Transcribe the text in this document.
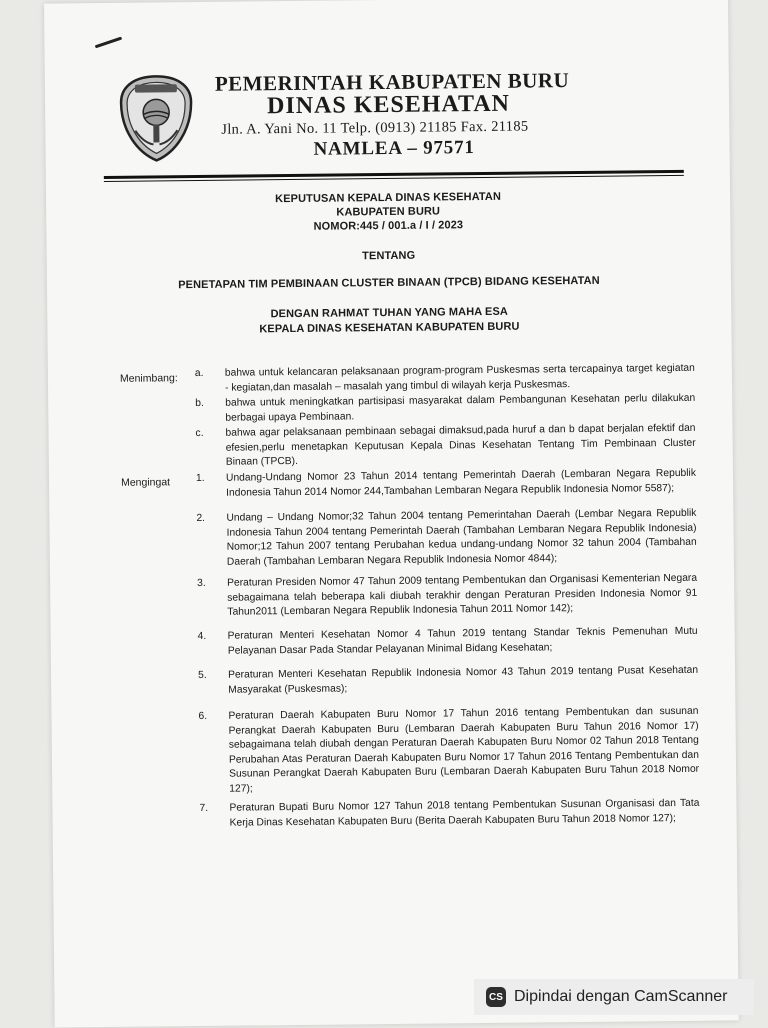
PEMERINTAH KABUPATEN BURU
DINAS KESEHATAN
Jln. A. Yani No. 11 Telp. (0913) 21185 Fax. 21185
NAMLEA – 97571
KEPUTUSAN KEPALA DINAS KESEHATAN
KABUPATEN BURU
NOMOR:445 / 001.a / I / 2023
TENTANG
PENETAPAN TIM PEMBINAAN CLUSTER BINAAN (TPCB) BIDANG KESEHATAN
DENGAN RAHMAT TUHAN YANG MAHA ESA
KEPALA DINAS KESEHATAN KABUPATEN BURU
Menimbang: a.	bahwa untuk kelancaran pelaksanaan program-program Puskesmas serta tercapainya target kegiatan - kegiatan,dan masalah – masalah yang timbul di wilayah kerja Puskesmas.
b.	bahwa untuk meningkatkan partisipasi masyarakat dalam Pembangunan Kesehatan perlu dilakukan berbagai upaya Pembinaan.
c.	bahwa agar pelaksanaan pembinaan sebagai dimaksud,pada huruf a dan b dapat berjalan efektif dan efesien,perlu menetapkan Keputusan Kepala Dinas Kesehatan Tentang Tim Pembinaan Cluster Binaan (TPCB).
Mengingat	1.	Undang-Undang Nomor 23 Tahun 2014 tentang Pemerintah Daerah (Lembaran Negara Republik Indonesia Tahun 2014 Nomor 244,Tambahan Lembaran Negara Republik Indonesia Nomor 5587);
2.	Undang – Undang Nomor;32 Tahun 2004 tentang Pemerintahan Daerah (Lembar Negara Republik Indonesia Tahun 2004 tentang Pemerintah Daerah (Tambahan Lembaran Negara Republik Indonesia) Nomor;12 Tahun 2007 tentang Perubahan kedua undang-undang Nomor 32 tahun 2004 (Tambahan Daerah (Tambahan Lembaran Negara Republik Indonesia Nomor 4844);
3.	Peraturan Presiden Nomor 47 Tahun 2009 tentang Pembentukan dan Organisasi Kementerian Negara sebagaimana telah beberapa kali diubah terakhir dengan Peraturan Presiden Indonesia Nomor 91 Tahun2011 (Lembaran Negara Republik Indonesia Tahun 2011 Nomor 142);
4.	Peraturan Menteri Kesehatan Nomor 4 Tahun 2019 tentang Standar Teknis Pemenuhan Mutu Pelayanan Dasar Pada Standar Pelayanan Minimal Bidang Kesehatan;
5.	Peraturan Menteri Kesehatan Republik Indonesia Nomor 43 Tahun 2019 tentang Pusat Kesehatan Masyarakat (Puskesmas);
6.	Peraturan Daerah Kabupaten Buru Nomor 17 Tahun 2016 tentang Pembentukan dan susunan Perangkat Daerah Kabupaten Buru (Lembaran Daerah Kabupaten Buru Tahun 2016 Nomor 17) sebagaimana telah diubah dengan Peraturan Daerah Kabupaten Buru Nomor 02 Tahun 2018 Tentang Perubahan Atas Peraturan Daerah Kabupaten Buru Nomor 17 Tahun 2016 Tentang Pembentukan dan Susunan Perangkat Daerah Kabupaten Buru (Lembaran Daerah Kabupaten Buru Tahun 2018 Nomor 127);
7.	Peraturan Bupati Buru Nomor 127 Tahun 2018 tentang Pembentukan Susunan Organisasi dan Tata Kerja Dinas Kesehatan Kabupaten Buru (Berita Daerah Kabupaten Buru Tahun 2018 Nomor 127);
CS Dipindai dengan CamScanner
